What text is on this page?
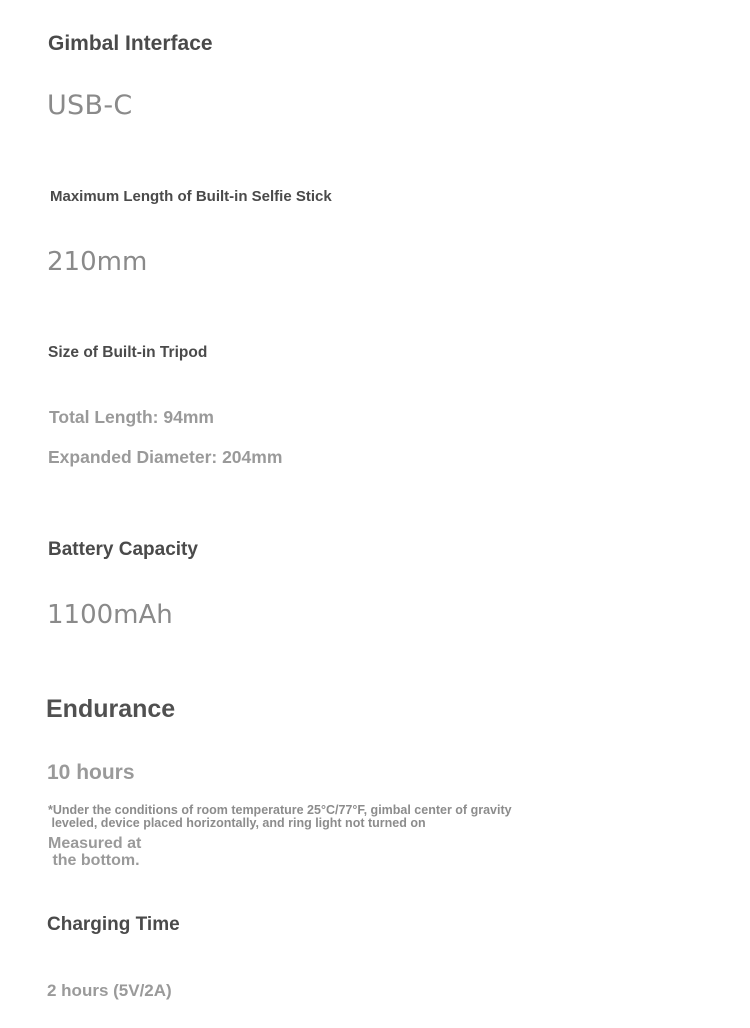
Gimbal Interface
USB-C
Maximum Length of Built-in Selfie Stick
210mm
Size of Built-in Tripod
Total Length: 94mm
Expanded Diameter: 204mm
Battery Capacity
1100mAh
Endurance
10 hours
*Under the conditions of room temperature 25°C/77°F, gimbal center of gravity
leveled, device placed horizontally, and ring light not turned on
Measured at
the bottom.
Charging Time
2 hours (5V/2A)
